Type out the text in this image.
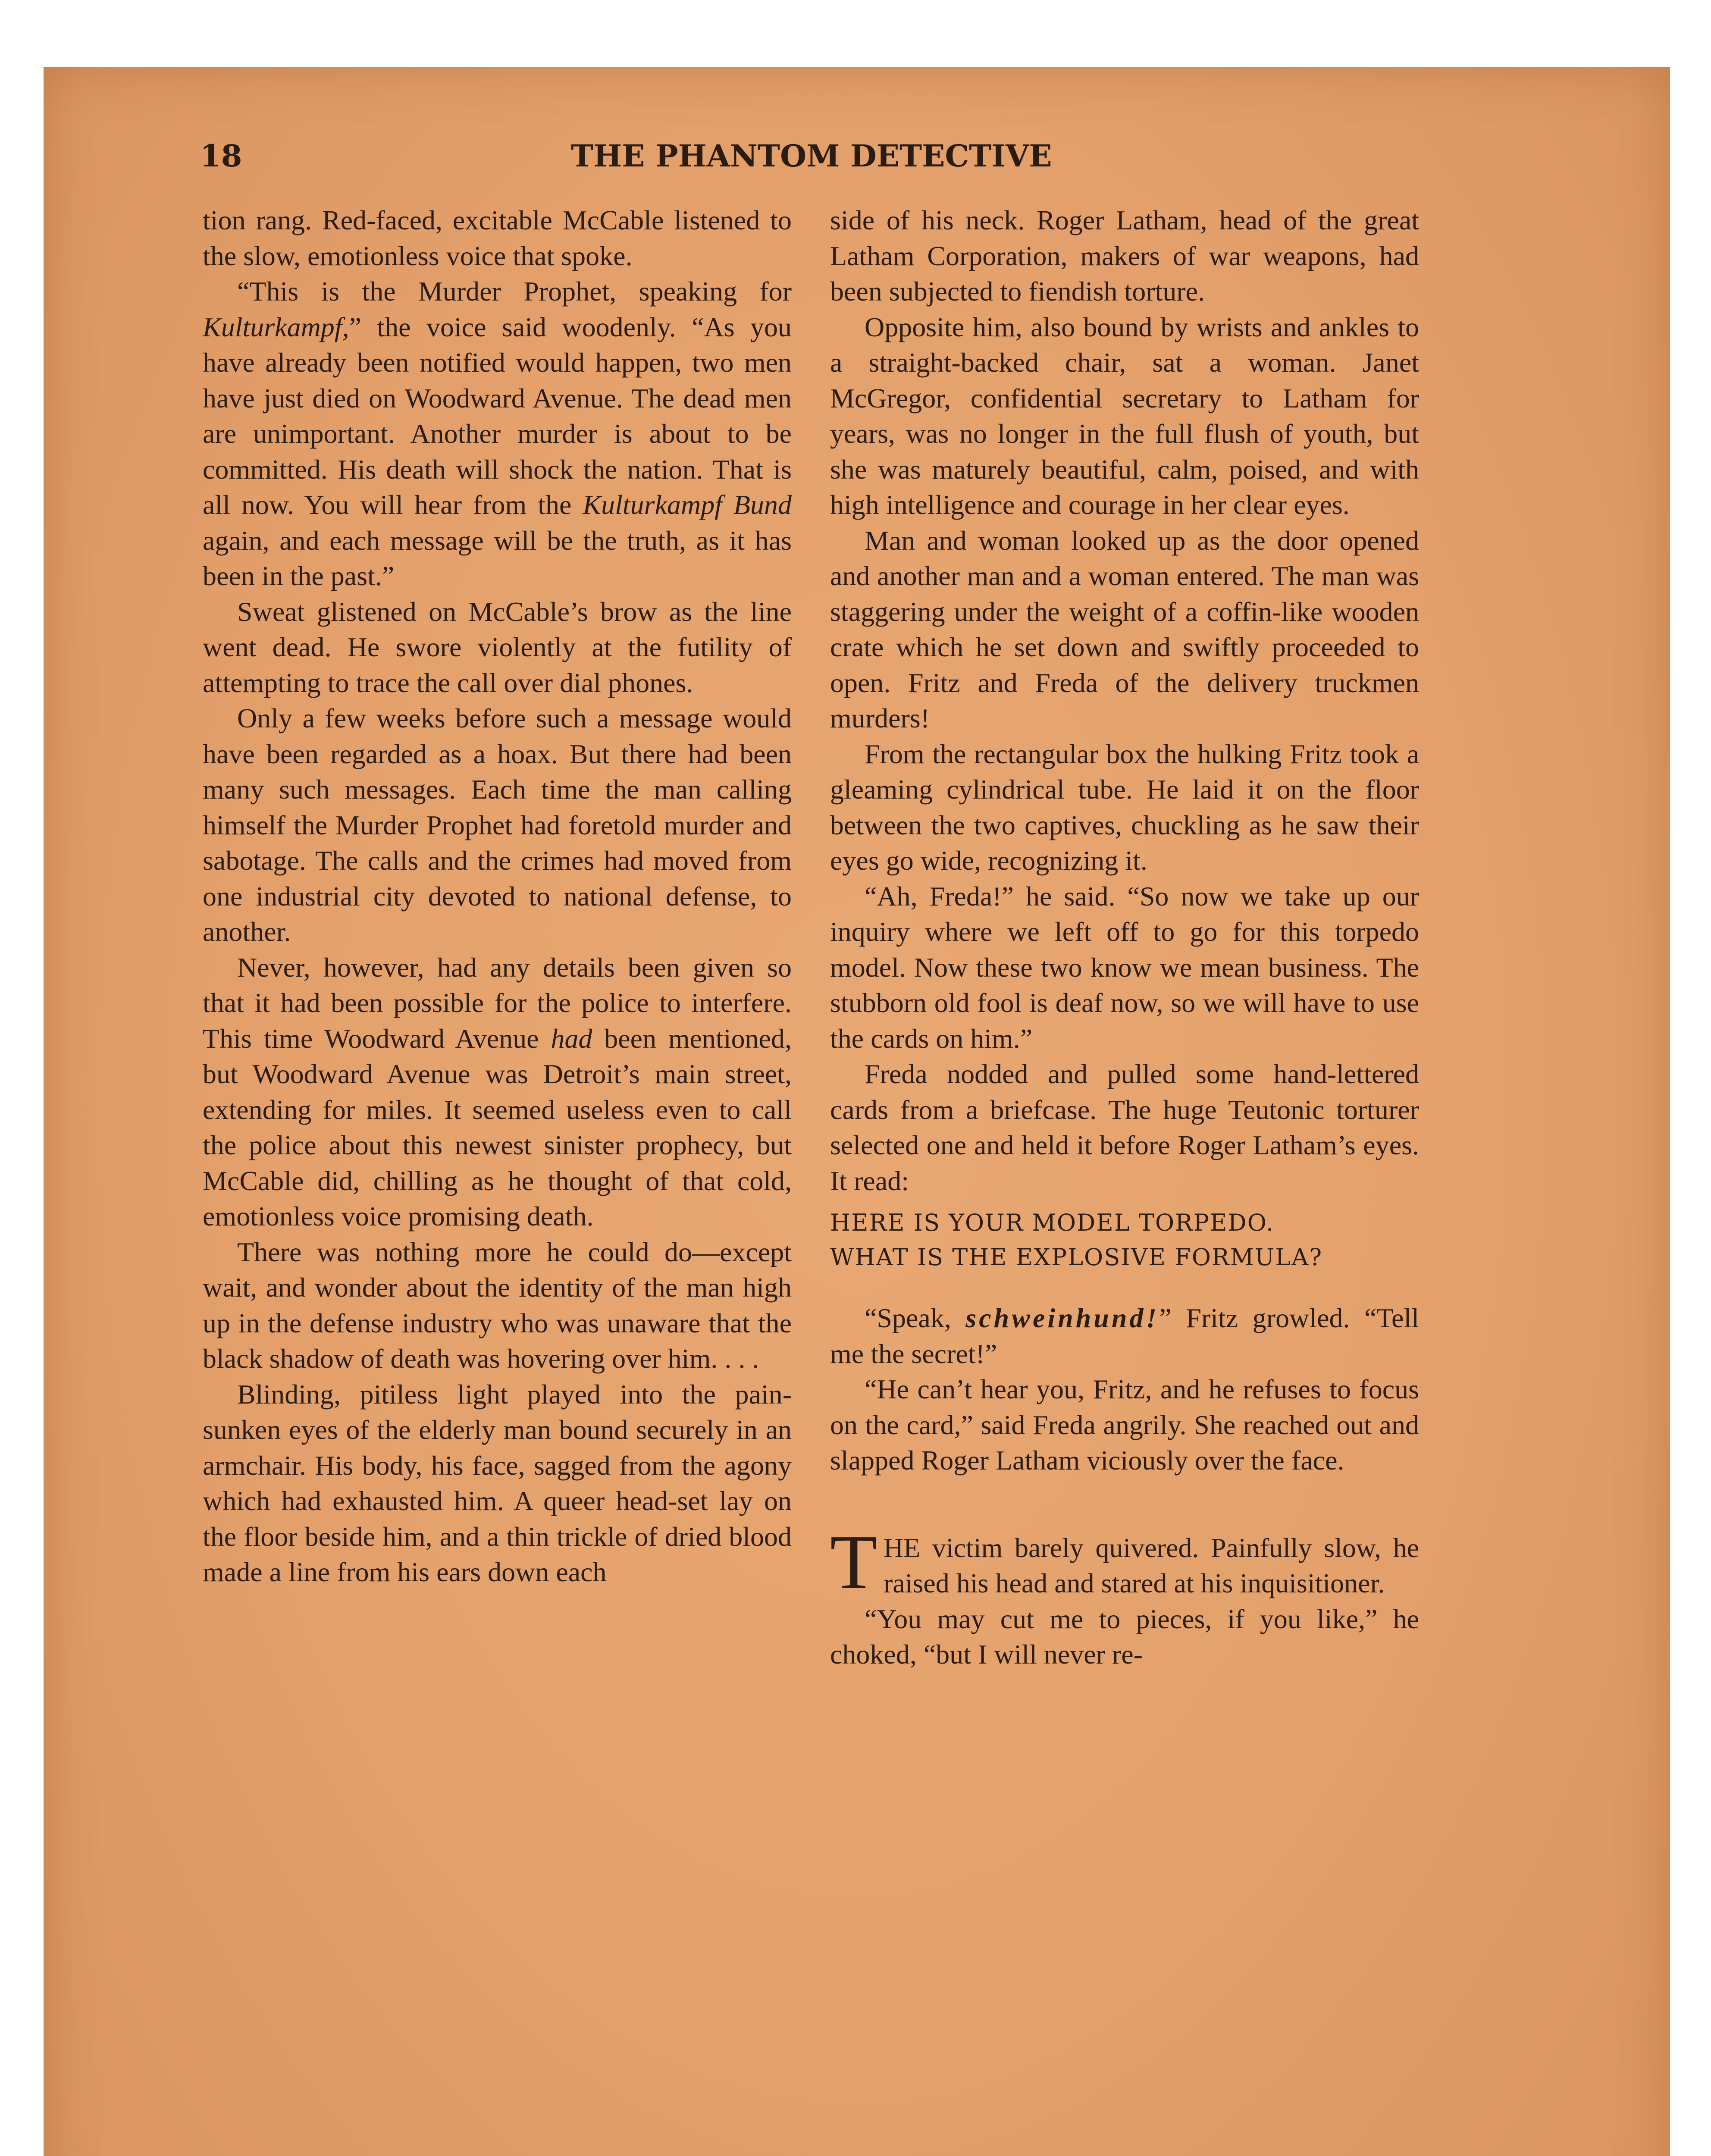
18	THE PHANTOM DETECTIVE

tion rang. Red-faced, excitable McCable listened to the slow, emotionless voice that spoke.

“This is the Murder Prophet, speaking for Kulturkampf,” the voice said woodenly. “As you have already been notified would happen, two men have just died on Woodward Avenue. The dead men are unimportant. Another murder is about to be committed. His death will shock the nation. That is all now. You will hear from the Kulturkampf Bund again, and each message will be the truth, as it has been in the past.”

Sweat glistened on McCable’s brow as the line went dead. He swore violently at the futility of attempting to trace the call over dial phones.

Only a few weeks before such a message would have been regarded as a hoax. But there had been many such messages. Each time the man calling himself the Murder Prophet had foretold murder and sabotage. The calls and the crimes had moved from one industrial city devoted to national defense, to another.

Never, however, had any details been given so that it had been possible for the police to interfere. This time Woodward Avenue had been mentioned, but Woodward Avenue was Detroit’s main street, extending for miles. It seemed useless even to call the police about this newest sinister prophecy, but McCable did, chilling as he thought of that cold, emotionless voice promising death.

There was nothing more he could do—except wait, and wonder about the identity of the man high up in the defense industry who was unaware that the black shadow of death was hovering over him. . . .

Blinding, pitiless light played into the pain-sunken eyes of the elderly man bound securely in an armchair. His body, his face, sagged from the agony which had exhausted him. A queer head-set lay on the floor beside him, and a thin trickle of dried blood made a line from his ears down each

side of his neck. Roger Latham, head of the great Latham Corporation, makers of war weapons, had been subjected to fiendish torture.

Opposite him, also bound by wrists and ankles to a straight-backed chair, sat a woman. Janet McGregor, confidential secretary to Latham for years, was no longer in the full flush of youth, but she was maturely beautiful, calm, poised, and with high intelligence and courage in her clear eyes.

Man and woman looked up as the door opened and another man and a woman entered. The man was staggering under the weight of a coffin-like wooden crate which he set down and swiftly proceeded to open. Fritz and Freda of the delivery truckmen murders!

From the rectangular box the hulking Fritz took a gleaming cylindrical tube. He laid it on the floor between the two captives, chuckling as he saw their eyes go wide, recognizing it.

“Ah, Freda!” he said. “So now we take up our inquiry where we left off to go for this torpedo model. Now these two know we mean business. The stubborn old fool is deaf now, so we will have to use the cards on him.”

Freda nodded and pulled some hand-lettered cards from a briefcase. The huge Teutonic torturer selected one and held it before Roger Latham’s eyes. It read:

HERE IS YOUR MODEL TORPEDO.
WHAT IS THE EXPLOSIVE FORMULA?

“Speak, schweinhund!” Fritz growled. “Tell me the secret!”

“He can’t hear you, Fritz, and he refuses to focus on the card,” said Freda angrily. She reached out and slapped Roger Latham viciously over the face.

THE victim barely quivered. Painfully slow, he raised his head and stared at his inquisitioner.

“You may cut me to pieces, if you like,” he choked, “but I will never re-
